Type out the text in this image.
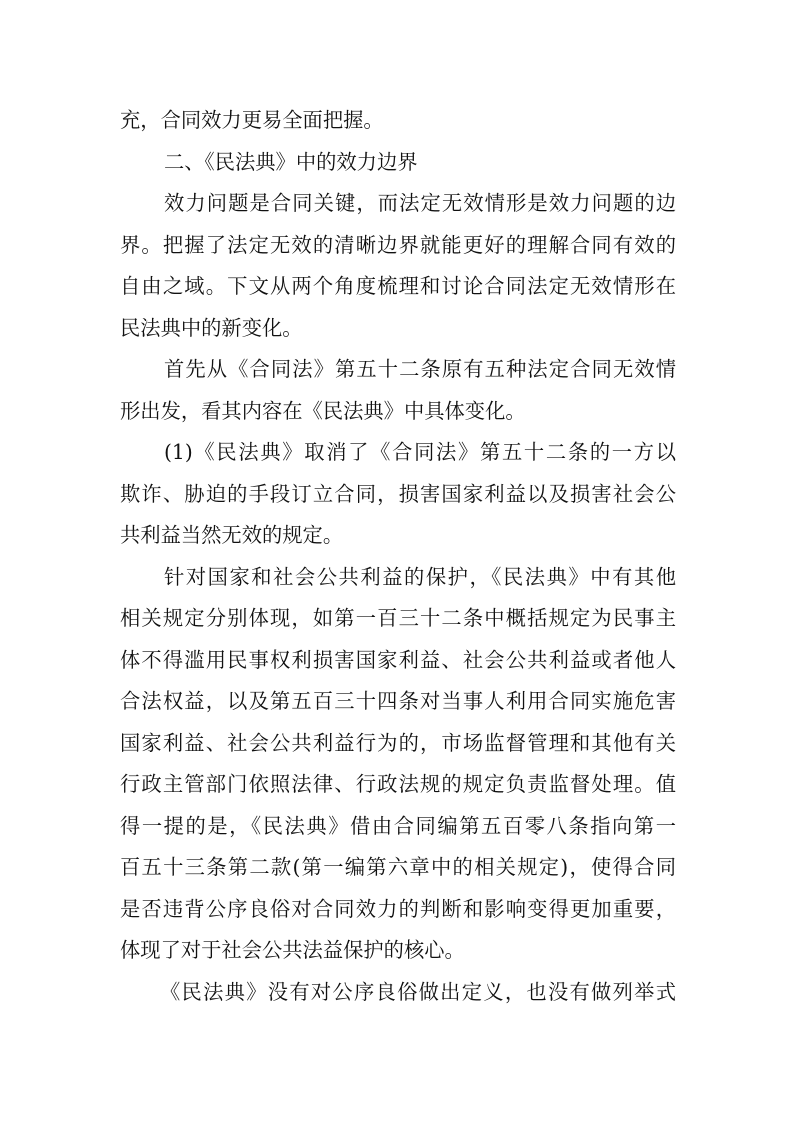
充，合同效力更易全面把握。
二、《民法典》中的效力边界
效力问题是合同关键，而法定无效情形是效力问题的边
界。把握了法定无效的清晰边界就能更好的理解合同有效的
自由之域。下文从两个角度梳理和讨论合同法定无效情形在
民法典中的新变化。
首先从《合同法》第五十二条原有五种法定合同无效情
形出发，看其内容在《民法典》中具体变化。
(1)《民法典》取消了《合同法》第五十二条的一方以
欺诈、胁迫的手段订立合同，损害国家利益以及损害社会公
共利益当然无效的规定。
针对国家和社会公共利益的保护，《民法典》中有其他
相关规定分别体现，如第一百三十二条中概括规定为民事主
体不得滥用民事权利损害国家利益、社会公共利益或者他人
合法权益，以及第五百三十四条对当事人利用合同实施危害
国家利益、社会公共利益行为的，市场监督管理和其他有关
行政主管部门依照法律、行政法规的规定负责监督处理。值
得一提的是，《民法典》借由合同编第五百零八条指向第一
百五十三条第二款(第一编第六章中的相关规定)，使得合同
是否违背公序良俗对合同效力的判断和影响变得更加重要，
体现了对于社会公共法益保护的核心。
《民法典》没有对公序良俗做出定义，也没有做列举式
